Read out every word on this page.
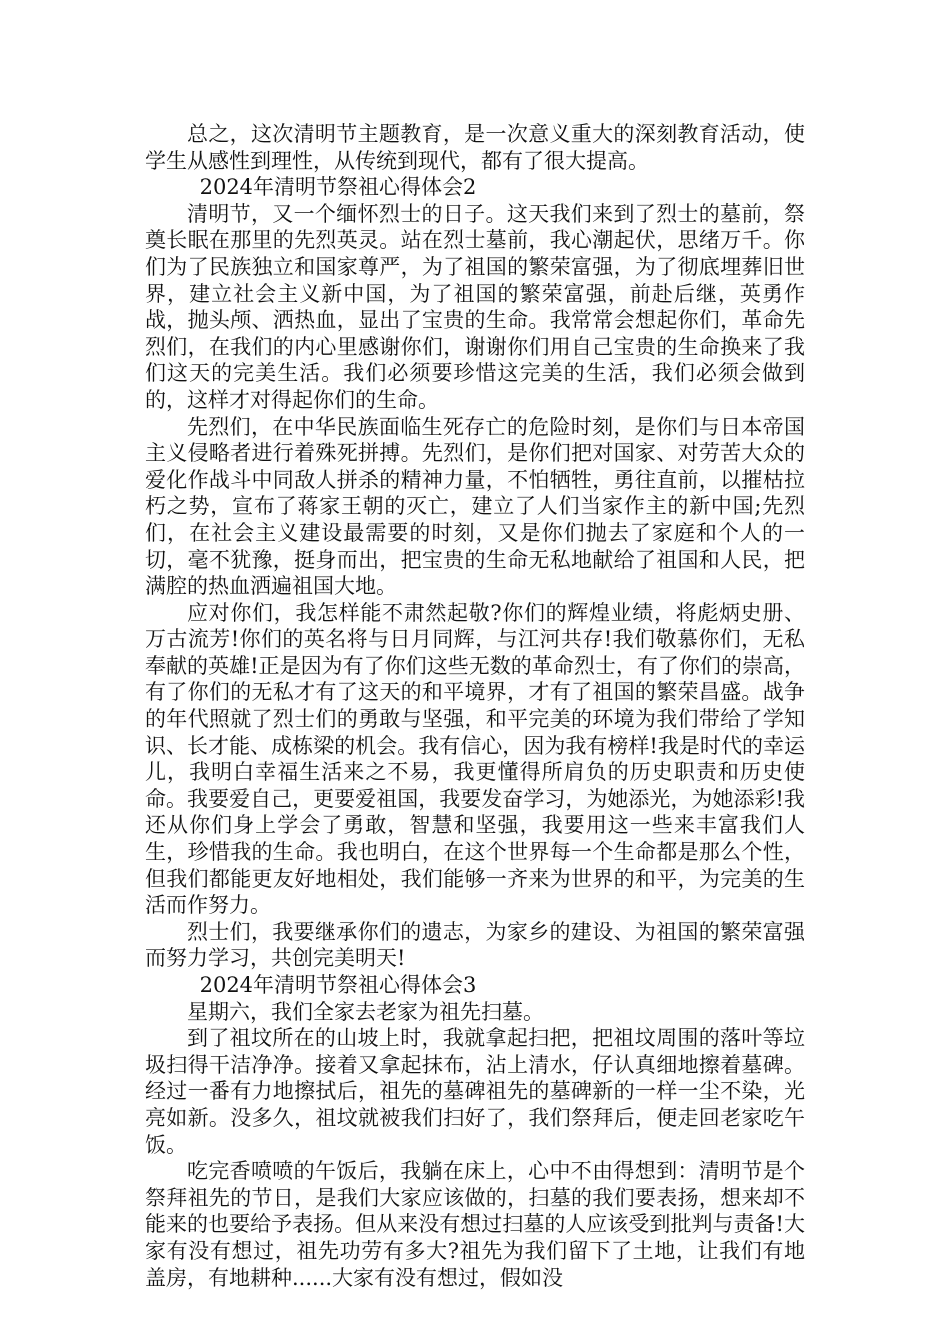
总之，这次清明节主题教育，是一次意义重大的深刻教育活动，使学生从感性到理性，从传统到现代，都有了很大提高。

2024年清明节祭祖心得体会2

清明节，又一个缅怀烈士的日子。这天我们来到了烈士的墓前，祭奠长眠在那里的先烈英灵。站在烈士墓前，我心潮起伏，思绪万千。你们为了民族独立和国家尊严，为了祖国的繁荣富强，为了彻底埋葬旧世界，建立社会主义新中国，为了祖国的繁荣富强，前赴后继，英勇作战，抛头颅、洒热血，显出了宝贵的生命。我常常会想起你们，革命先烈们，在我们的内心里感谢你们，谢谢你们用自己宝贵的生命换来了我们这天的完美生活。我们必须要珍惜这完美的生活，我们必须会做到的，这样才对得起你们的生命。

先烈们，在中华民族面临生死存亡的危险时刻，是你们与日本帝国主义侵略者进行着殊死拼搏。先烈们，是你们把对国家、对劳苦大众的爱化作战斗中同敌人拼杀的精神力量，不怕牺牲，勇往直前，以摧枯拉朽之势，宣布了蒋家王朝的灭亡，建立了人们当家作主的新中国;先烈们，在社会主义建设最需要的时刻，又是你们抛去了家庭和个人的一切，毫不犹豫，挺身而出，把宝贵的生命无私地献给了祖国和人民，把满腔的热血洒遍祖国大地。

应对你们，我怎样能不肃然起敬?你们的辉煌业绩，将彪炳史册、万古流芳!你们的英名将与日月同辉，与江河共存!我们敬慕你们，无私奉献的英雄!正是因为有了你们这些无数的革命烈士，有了你们的崇高，有了你们的无私才有了这天的和平境界，才有了祖国的繁荣昌盛。战争的年代照就了烈士们的勇敢与坚强，和平完美的环境为我们带给了学知识、长才能、成栋梁的机会。我有信心，因为我有榜样!我是时代的幸运儿，我明白幸福生活来之不易，我更懂得所肩负的历史职责和历史使命。我要爱自己，更要爱祖国，我要发奋学习，为她添光，为她添彩!我还从你们身上学会了勇敢，智慧和坚强，我要用这一些来丰富我们人生，珍惜我的生命。我也明白，在这个世界每一个生命都是那么个性，但我们都能更友好地相处，我们能够一齐来为世界的和平，为完美的生活而作努力。

烈士们，我要继承你们的遗志，为家乡的建设、为祖国的繁荣富强而努力学习，共创完美明天!

2024年清明节祭祖心得体会3

星期六，我们全家去老家为祖先扫墓。

到了祖坟所在的山坡上时，我就拿起扫把，把祖坟周围的落叶等垃圾扫得干洁净净。接着又拿起抹布，沾上清水，仔认真细地擦着墓碑。经过一番有力地擦拭后，祖先的墓碑祖先的墓碑新的一样一尘不染，光亮如新。没多久，祖坟就被我们扫好了，我们祭拜后，便走回老家吃午饭。

吃完香喷喷的午饭后，我躺在床上，心中不由得想到：清明节是个祭拜祖先的节日，是我们大家应该做的，扫墓的我们要表扬，想来却不能来的也要给予表扬。但从来没有想过扫墓的人应该受到批判与责备!大家有没有想过，祖先功劳有多大?祖先为我们留下了土地，让我们有地盖房，有地耕种......大家有没有想过，假如没
